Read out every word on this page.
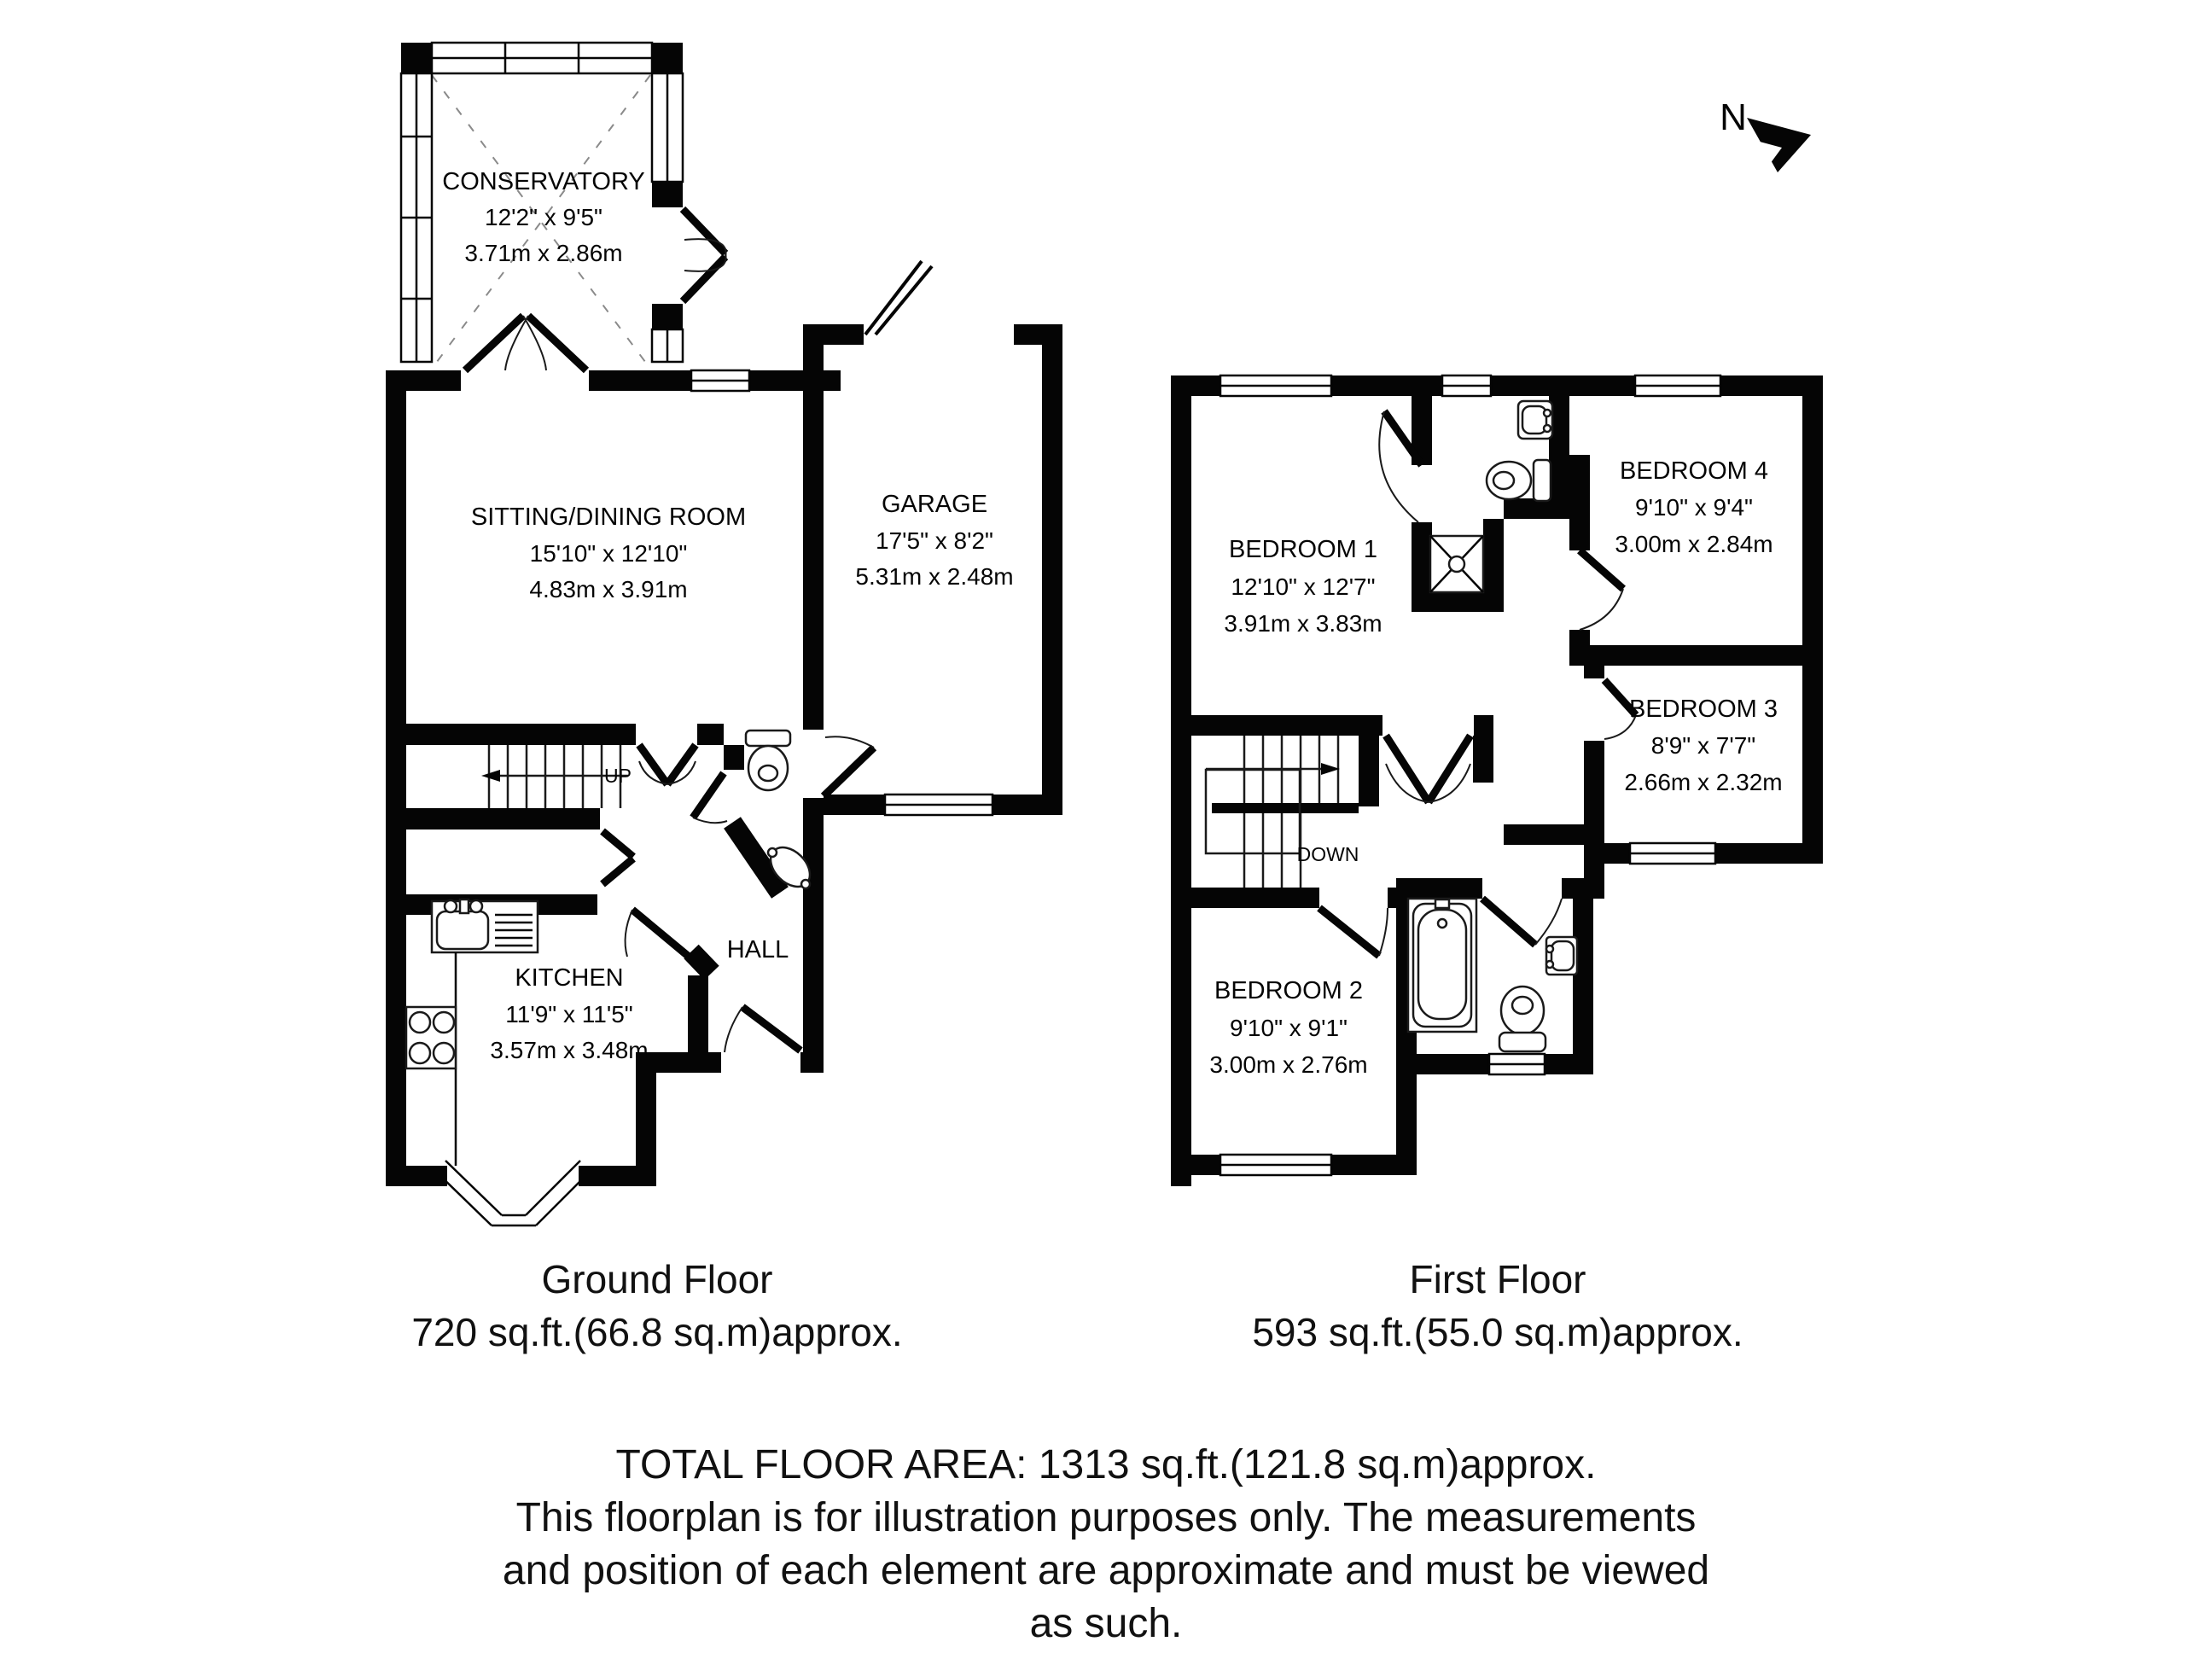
CONSERVATORY
12'2" x 9'5"
3.71m x 2.86m
SITTING/DINING ROOM
15'10" x 12'10"
4.83m x 3.91m
GARAGE
17'5" x 8'2"
5.31m x 2.48m
KITCHEN
11'9" x 11'5"
3.57m x 3.48m
HALL
UP
BEDROOM 1
12'10" x 12'7"
3.91m x 3.83m
BEDROOM 4
9'10" x 9'4"
3.00m x 2.84m
BEDROOM 3
8'9" x 7'7"
2.66m x 2.32m
BEDROOM 2
9'10" x 9'1"
3.00m x 2.76m
DOWN
N
Ground Floor
720 sq.ft.(66.8 sq.m)approx.
First Floor
593 sq.ft.(55.0 sq.m)approx.
TOTAL FLOOR AREA: 1313 sq.ft.(121.8 sq.m)approx.
This floorplan is for illustration purposes only. The measurements
and position of each element are approximate and must be viewed
as such.
